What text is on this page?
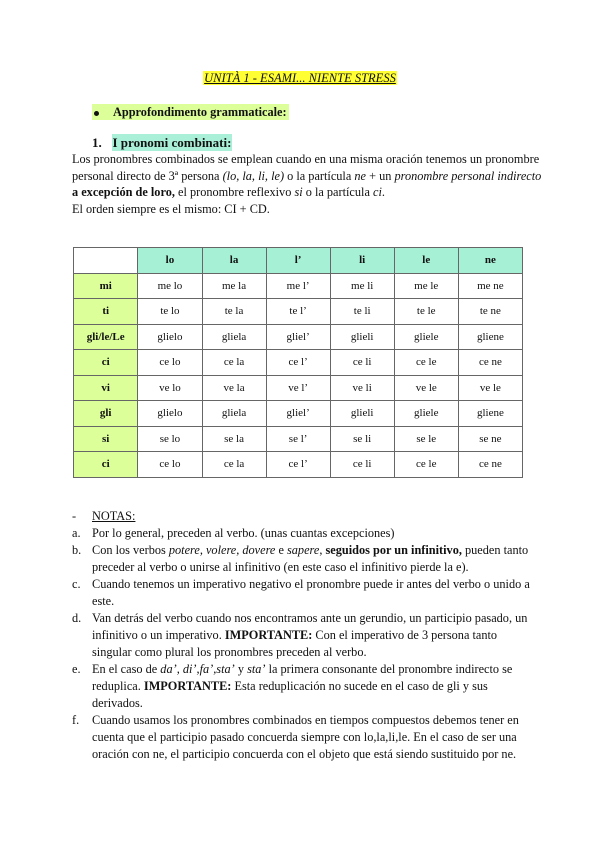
UNITÀ 1 - ESAMI... NIENTE STRESS
Approfondimento grammaticale:
1. I pronomi combinati:
Los pronombres combinados se emplean cuando en una misma oración tenemos un pronombre personal directo de 3ª persona (lo, la, li, le) o la partícula ne + un pronombre personal indirecto a excepción de loro, el pronombre reflexivo si o la partícula ci.
El orden siempre es el mismo: CI + CD.
	lo	la	l’	li	le	ne
mi	me lo	me la	me l’	me li	me le	me ne
ti	te lo	te la	te l’	te li	te le	te ne
gli/le/Le	glielo	gliela	gliel’	glieli	gliele	gliene
ci	ce lo	ce la	ce l’	ce li	ce le	ce ne
vi	ve lo	ve la	ve l’	ve li	ve le	ve le
gli	glielo	gliela	gliel’	glieli	gliele	gliene
si	se lo	se la	se l’	se li	se le	se ne
ci	ce lo	ce la	ce l’	ce li	ce le	ce ne
- NOTAS:
a. Por lo general, preceden al verbo. (unas cuantas excepciones)
b. Con los verbos potere, volere, dovere e sapere, seguidos por un infinitivo, pueden tanto preceder al verbo o unirse al infinitivo (en este caso el infinitivo pierde la e).
c. Cuando tenemos un imperativo negativo el pronombre puede ir antes del verbo o unido a este.
d. Van detrás del verbo cuando nos encontramos ante un gerundio, un participio pasado, un infinitivo o un imperativo. IMPORTANTE: Con el imperativo de 3 persona tanto singular como plural los pronombres preceden al verbo.
e. En el caso de da’, di’,fa’,sta’ y sta’ la primera consonante del pronombre indirecto se reduplica. IMPORTANTE: Esta reduplicación no sucede en el caso de gli y sus derivados.
f. Cuando usamos los pronombres combinados en tiempos compuestos debemos tener en cuenta que el participio pasado concuerda siempre con lo,la,li,le. En el caso de ser una oración con ne, el participio concuerda con el objeto que está siendo sustituido por ne.
